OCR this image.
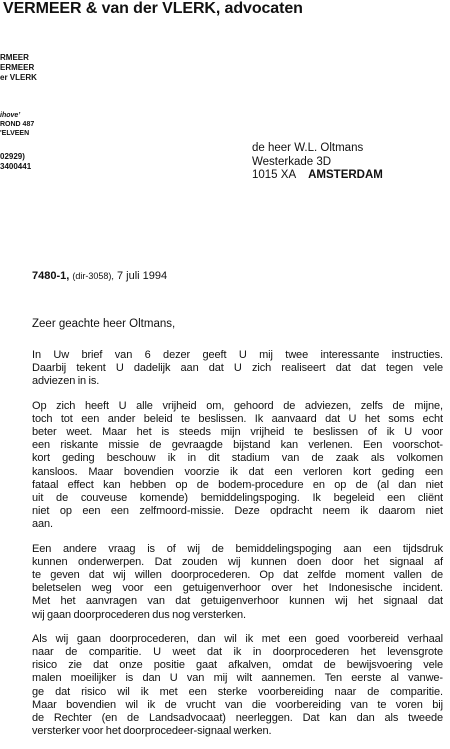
VERMEER & van der VLERK, advocaten
RMEER
ERMEER
er VLERK
ihove’
ROND 487
'ELVEEN
02929)
3400441
de heer W.L. Oltmans
Westerkade 3D
1015 XA AMSTERDAM
7480-1, (dir-3058), 7 juli 1994
Zeer geachte heer Oltmans,
In Uw brief van 6 dezer geeft U mij twee interessante instructies.
Daarbij tekent U dadelijk aan dat U zich realiseert dat dat tegen vele
adviezen in is.
Op zich heeft U alle vrijheid om, gehoord de adviezen, zelfs de mijne,
toch tot een ander beleid te beslissen. Ik aanvaard dat U het soms echt
beter weet. Maar het is steeds mijn vrijheid te beslissen of ik U voor
een riskante missie de gevraagde bijstand kan verlenen. Een voorschot-
kort geding beschouw ik in dit stadium van de zaak als volkomen
kansloos. Maar bovendien voorzie ik dat een verloren kort geding een
fataal effect kan hebben op de bodem-procedure en op de (al dan niet
uit de couveuse komende) bemiddelingspoging. Ik begeleid een cliënt
niet op een een zelfmoord-missie. Deze opdracht neem ik daarom niet
aan.
Een andere vraag is of wij de bemiddelingspoging aan een tijdsdruk
kunnen onderwerpen. Dat zouden wij kunnen doen door het signaal af
te geven dat wij willen doorprocederen. Op dat zelfde moment vallen de
beletselen weg voor een getuigenverhoor over het Indonesische incident.
Met het aanvragen van dat getuigenverhoor kunnen wij het signaal dat
wij gaan doorprocederen dus nog versterken.
Als wij gaan doorprocederen, dan wil ik met een goed voorbereid verhaal
naar de comparitie. U weet dat ik in doorprocederen het levensgrote
risico zie dat onze positie gaat afkalven, omdat de bewijsvoering vele
malen moeilijker is dan U van mij wilt aannemen. Ten eerste al vanwe-
ge dat risico wil ik met een sterke voorbereiding naar de comparitie.
Maar bovendien wil ik de vrucht van die voorbereiding van te voren bij
de Rechter (en de Landsadvocaat) neerleggen. Dat kan dan als tweede
versterker voor het doorprocedeer-signaal werken.
